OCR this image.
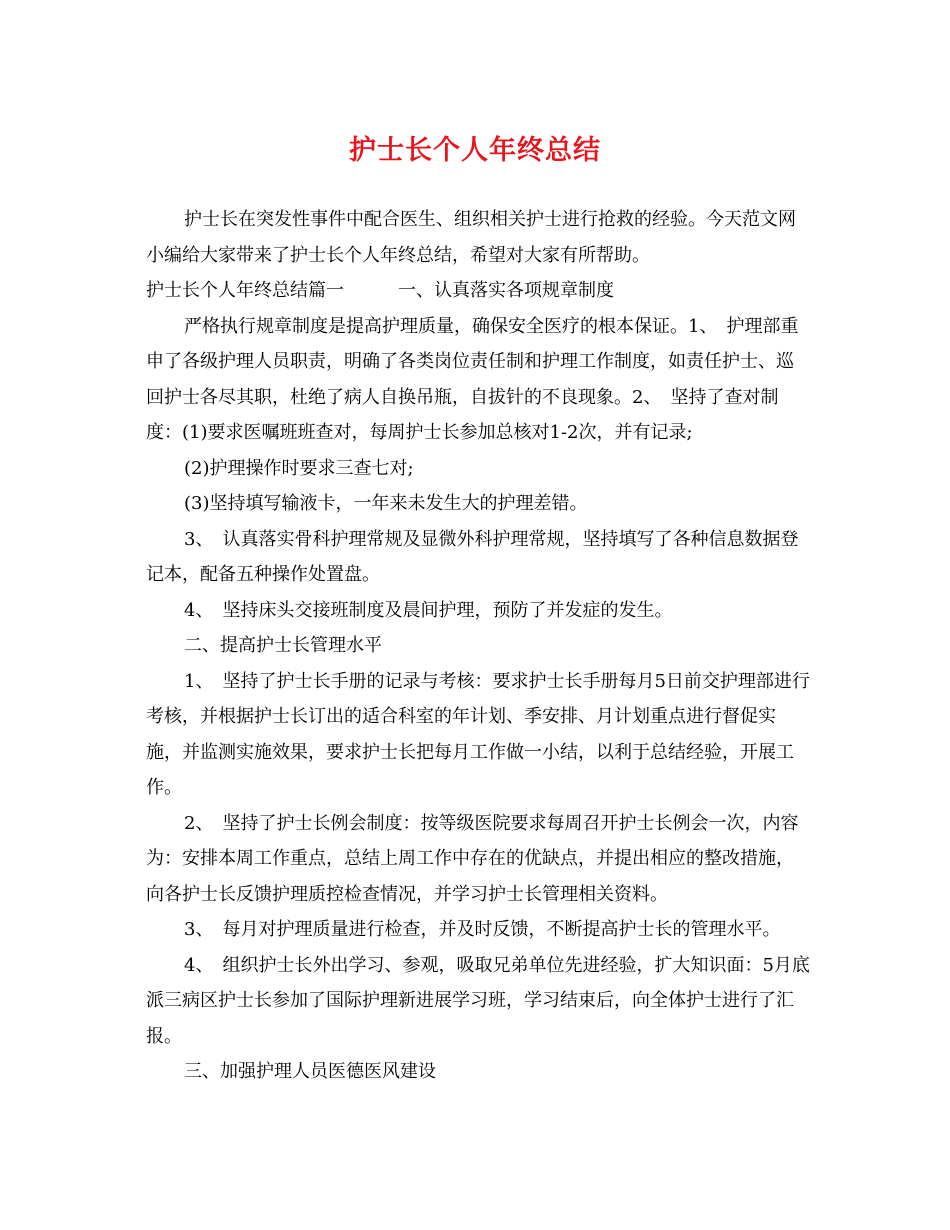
护士长个人年终总结

护士长在突发性事件中配合医生、组织相关护士进行抢救的经验。今天范文网小编给大家带来了护士长个人年终总结，希望对大家有所帮助。

护士长个人年终总结篇一　　　一、认真落实各项规章制度

严格执行规章制度是提高护理质量，确保安全医疗的根本保证。1、　护理部重申了各级护理人员职责，明确了各类岗位责任制和护理工作制度，如责任护士、巡回护士各尽其职，杜绝了病人自换吊瓶，自拔针的不良现象。2、　坚持了查对制度：(1)要求医嘱班班查对，每周护士长参加总核对1-2次，并有记录;

(2)护理操作时要求三查七对;

(3)坚持填写输液卡，一年来未发生大的护理差错。

3、　认真落实骨科护理常规及显微外科护理常规，坚持填写了各种信息数据登记本，配备五种操作处置盘。

4、　坚持床头交接班制度及晨间护理，预防了并发症的发生。

二、提高护士长管理水平

1、　坚持了护士长手册的记录与考核：要求护士长手册每月5日前交护理部进行考核，并根据护士长订出的适合科室的年计划、季安排、月计划重点进行督促实施，并监测实施效果，要求护士长把每月工作做一小结，以利于总结经验，开展工作。

2、　坚持了护士长例会制度：按等级医院要求每周召开护士长例会一次，内容为：安排本周工作重点，总结上周工作中存在的优缺点，并提出相应的整改措施，向各护士长反馈护理质控检查情况，并学习护士长管理相关资料。

3、　每月对护理质量进行检查，并及时反馈，不断提高护士长的管理水平。

4、　组织护士长外出学习、参观，吸取兄弟单位先进经验，扩大知识面：5月底派三病区护士长参加了国际护理新进展学习班，学习结束后，向全体护士进行了汇报。

三、加强护理人员医德医风建设
